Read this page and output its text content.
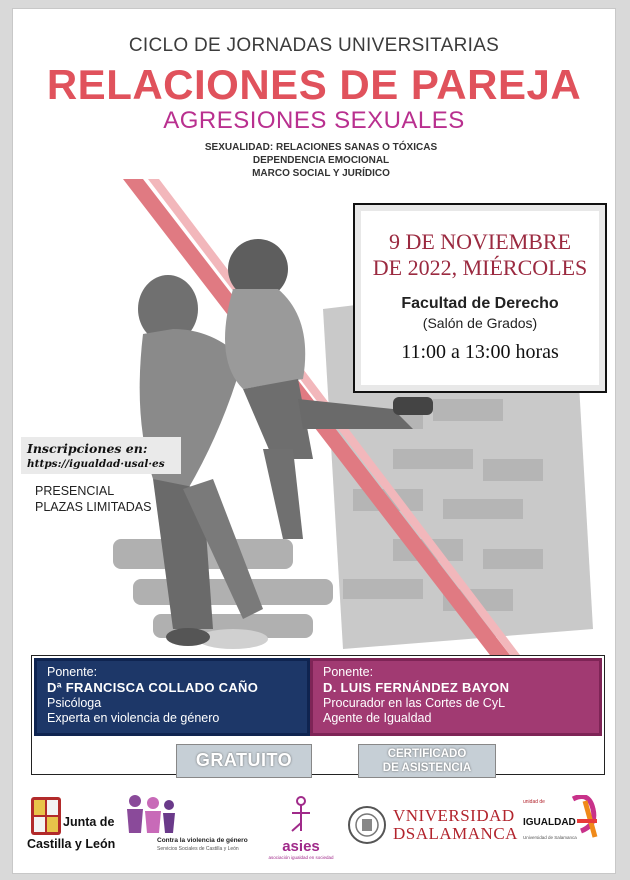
CICLO DE JORNADAS UNIVERSITARIAS
RELACIONES DE PAREJA
AGRESIONES SEXUALES
SEXUALIDAD: RELACIONES SANAS O TÓXICAS
DEPENDENCIA EMOCIONAL
MARCO SOCIAL Y JURÍDICO
9 DE NOVIEMBRE
DE 2022, MIÉRCOLES
Facultad de Derecho
(Salón de Grados)
11:00 a 13:00 horas
Inscripciones en:
https://igualdad·usal·es
PRESENCIAL
PLAZAS LIMITADAS
Ponente:
Dª FRANCISCA COLLADO CAÑO
Psicóloga
Experta en violencia de género
Ponente:
D. LUIS FERNÁNDEZ BAYON
Procurador en las Cortes de CyL
Agente de Igualdad
GRATUITO	CERTIFICADO
DE ASISTENCIA
Junta de
Castilla y León	Contra la violencia de género
Servicios Sociales de Castilla y León	asies
asociación igualdad en sociedad
VNIVERSIDAD
DSALAMANCA
unidad de
IGUALDAD
Universidad de Salamanca
